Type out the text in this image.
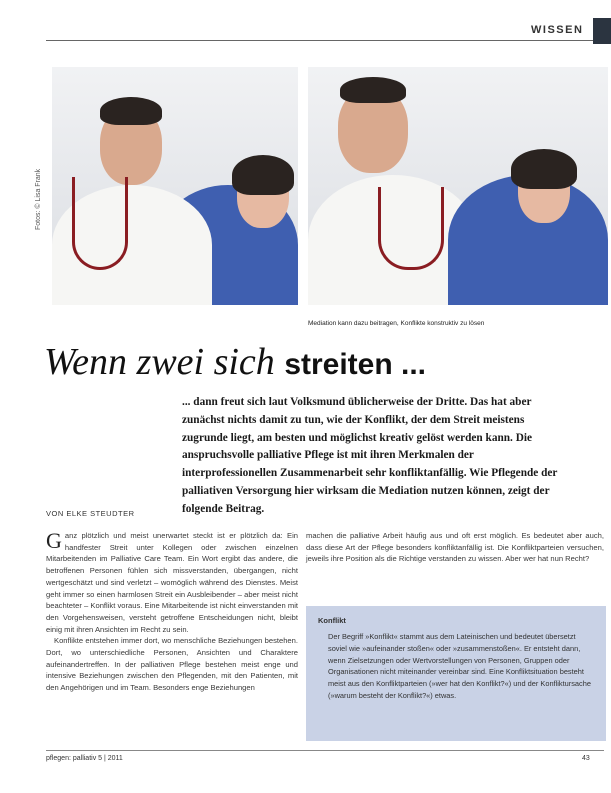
WISSEN
Fotos: © Lisa Frank
Mediation kann dazu beitragen, Konflikte konstruktiv zu lösen
Wenn zwei sich streiten ...
... dann freut sich laut Volksmund üblicherweise der Dritte. Das hat aber zunächst nichts damit zu tun, wie der Konflikt, der dem Streit meistens zugrunde liegt, am besten und möglichst kreativ gelöst werden kann. Die anspruchsvolle palliative Pflege ist mit ihren Merkmalen der interprofessionellen Zusammenarbeit sehr konfliktanfällig. Wie Pflegende der palliativen Versorgung hier wirksam die Mediation nutzen können, zeigt der folgende Beitrag.
VON ELKE STEUDTER

Ganz plötzlich und meist unerwartet steckt ist er plötzlich da: Ein handfester Streit unter Kollegen oder zwischen einzelnen Mitarbeitenden im Palliative Care Team. Ein Wort ergibt das andere, die betroffenen Personen fühlen sich missverstanden, übergangen, nicht wertgeschätzt und sind verletzt – womöglich während des Dienstes. Meist geht immer so einen harmlosen Streit ein Ausbleibender – aber meist nicht beachteter – Konflikt voraus. Eine Mitarbeitende ist nicht einverstanden mit den Vorgehensweisen, versteht getroffene Entscheidungen nicht, bleibt einig mit ihren Ansichten im Recht zu sein.

Konflikte entstehen immer dort, wo menschliche Beziehungen bestehen. Dort, wo unterschiedliche Personen, Ansichten und Charaktere aufeinandertreffen. In der palliativen Pflege bestehen meist enge und intensive Beziehungen zwischen den Pflegenden, mit den Patienten, mit den Angehörigen und im Team. Besonders enge Beziehungen

machen die palliative Arbeit häufig aus und oft erst möglich. Es bedeutet aber auch, dass diese Art der Pflege besonders konfliktanfällig ist. Die Konfliktparteien versuchen, jeweils ihre Position als die Richtige verstanden zu wissen. Aber wer hat nun Recht?

Konflikt
Der Begriff »Konflikt« stammt aus dem Lateinischen und bedeutet übersetzt soviel wie »aufeinander stoßen« oder »zusammenstoßen«. Er entsteht dann, wenn Zielsetzungen oder Wertvorstellungen von Personen, Gruppen oder Organisationen nicht miteinander vereinbar sind. Eine Konfliktsituation besteht meist aus den Konfliktparteien (»wer hat den Konflikt?«) und der Konfliktursache (»warum besteht der Konflikt?«) etwas.
pflegen: palliativ 5 | 2011	43
